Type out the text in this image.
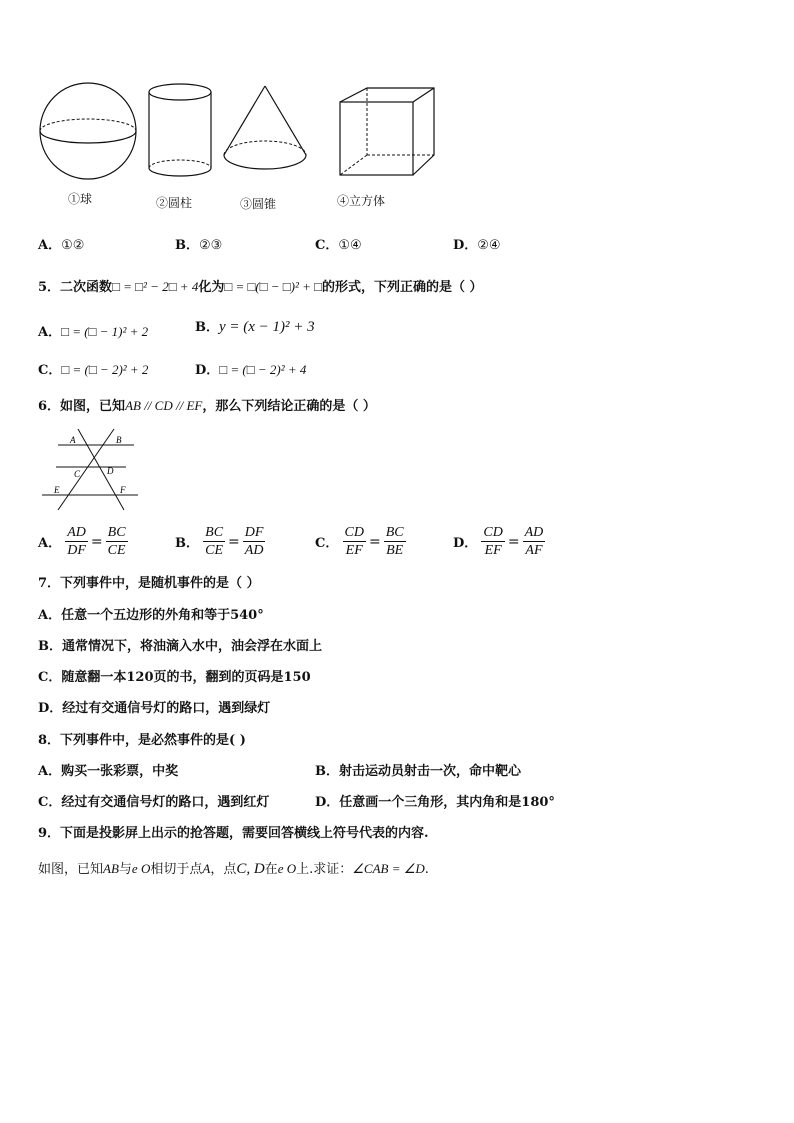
①球	②圆柱	③圆锥	④立方体
A．①②	B．②③	C．①④	D．②④
5．二次函数□ = □² − 2□ + 4化为□ = □(□ − □)² + □的形式，下列正确的是（ ）
A．□ = (□ − 1)² + 2	B．y = (x − 1)² + 3
C．□ = (□ − 2)² + 2	D．□ = (□ − 2)² + 4
6．如图，已知AB // CD // EF，那么下列结论正确的是（ ）
A	B
C	D
E	F
A． $\frac{AD}{DF} = \frac{BC}{CE}$	B． $\frac{BC}{CE} = \frac{DF}{AD}$	C． $\frac{CD}{EF} = \frac{BC}{BE}$	D． $\frac{CD}{EF} = \frac{AD}{AF}$
7．下列事件中，是随机事件的是（ ）
A．任意一个五边形的外角和等于540°
B．通常情况下，将油滴入水中，油会浮在水面上
C．随意翻一本120页的书，翻到的页码是150
D．经过有交通信号灯的路口，遇到绿灯
8．下列事件中，是必然事件的是( )
A．购买一张彩票，中奖	B．射击运动员射击一次，命中靶心
C．经过有交通信号灯的路口，遇到红灯	D．任意画一个三角形，其内角和是180°
9．下面是投影屏上出示的抢答题，需要回答横线上符号代表的内容.
如图，已知AB与e O相切于点A，点C, D在e O上.求证：∠CAB = ∠D.
